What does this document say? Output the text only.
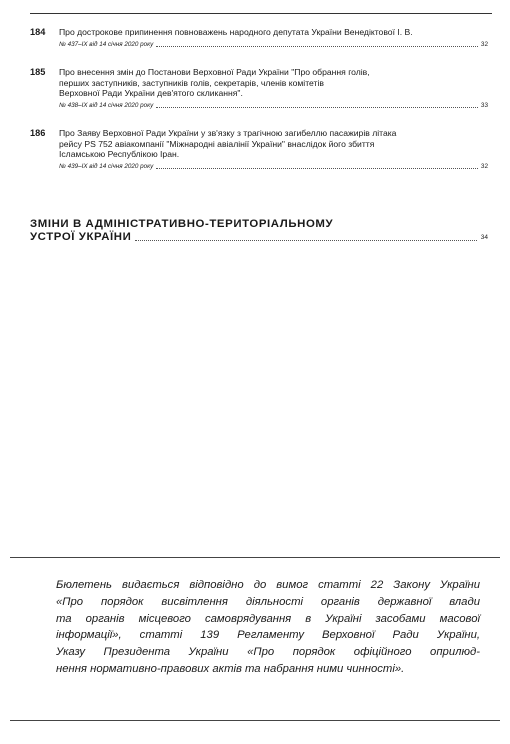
184	Про дострокове припинення повноважень народного депутата України Венедіктової І. В.
№ 437–IX від 14 січня 2020 року	32
185	Про внесення змін до Постанови Верховної Ради України "Про обрання голів,
перших заступників, заступників голів, секретарів, членів комітетів
Верховної Ради України дев'ятого скликання".
№ 438–IX від 14 січня 2020 року	33
186	Про Заяву Верховної Ради України у зв'язку з трагічною загибеллю пасажирів літака
рейсу PS 752 авіакомпанії "Міжнародні авіалінії України" внаслідок його збиття
Ісламською Республікою Іран.
№ 439–IX від 14 січня 2020 року	32
ЗМІНИ В АДМІНІСТРАТИВНО-ТЕРИТОРІАЛЬНОМУ
УСТРОЇ УКРАЇНИ	34
Бюлетень видається відповідно до вимог статті 22 Закону України
«Про порядок висвітлення діяльності органів державної влади
та органів місцевого самоврядування в Україні засобами масової
інформації», статті 139 Регламенту Верховної Ради України,
Указу Президента України «Про порядок офіційного оприлюд-
нення нормативно-правових актів та набрання ними чинності».
